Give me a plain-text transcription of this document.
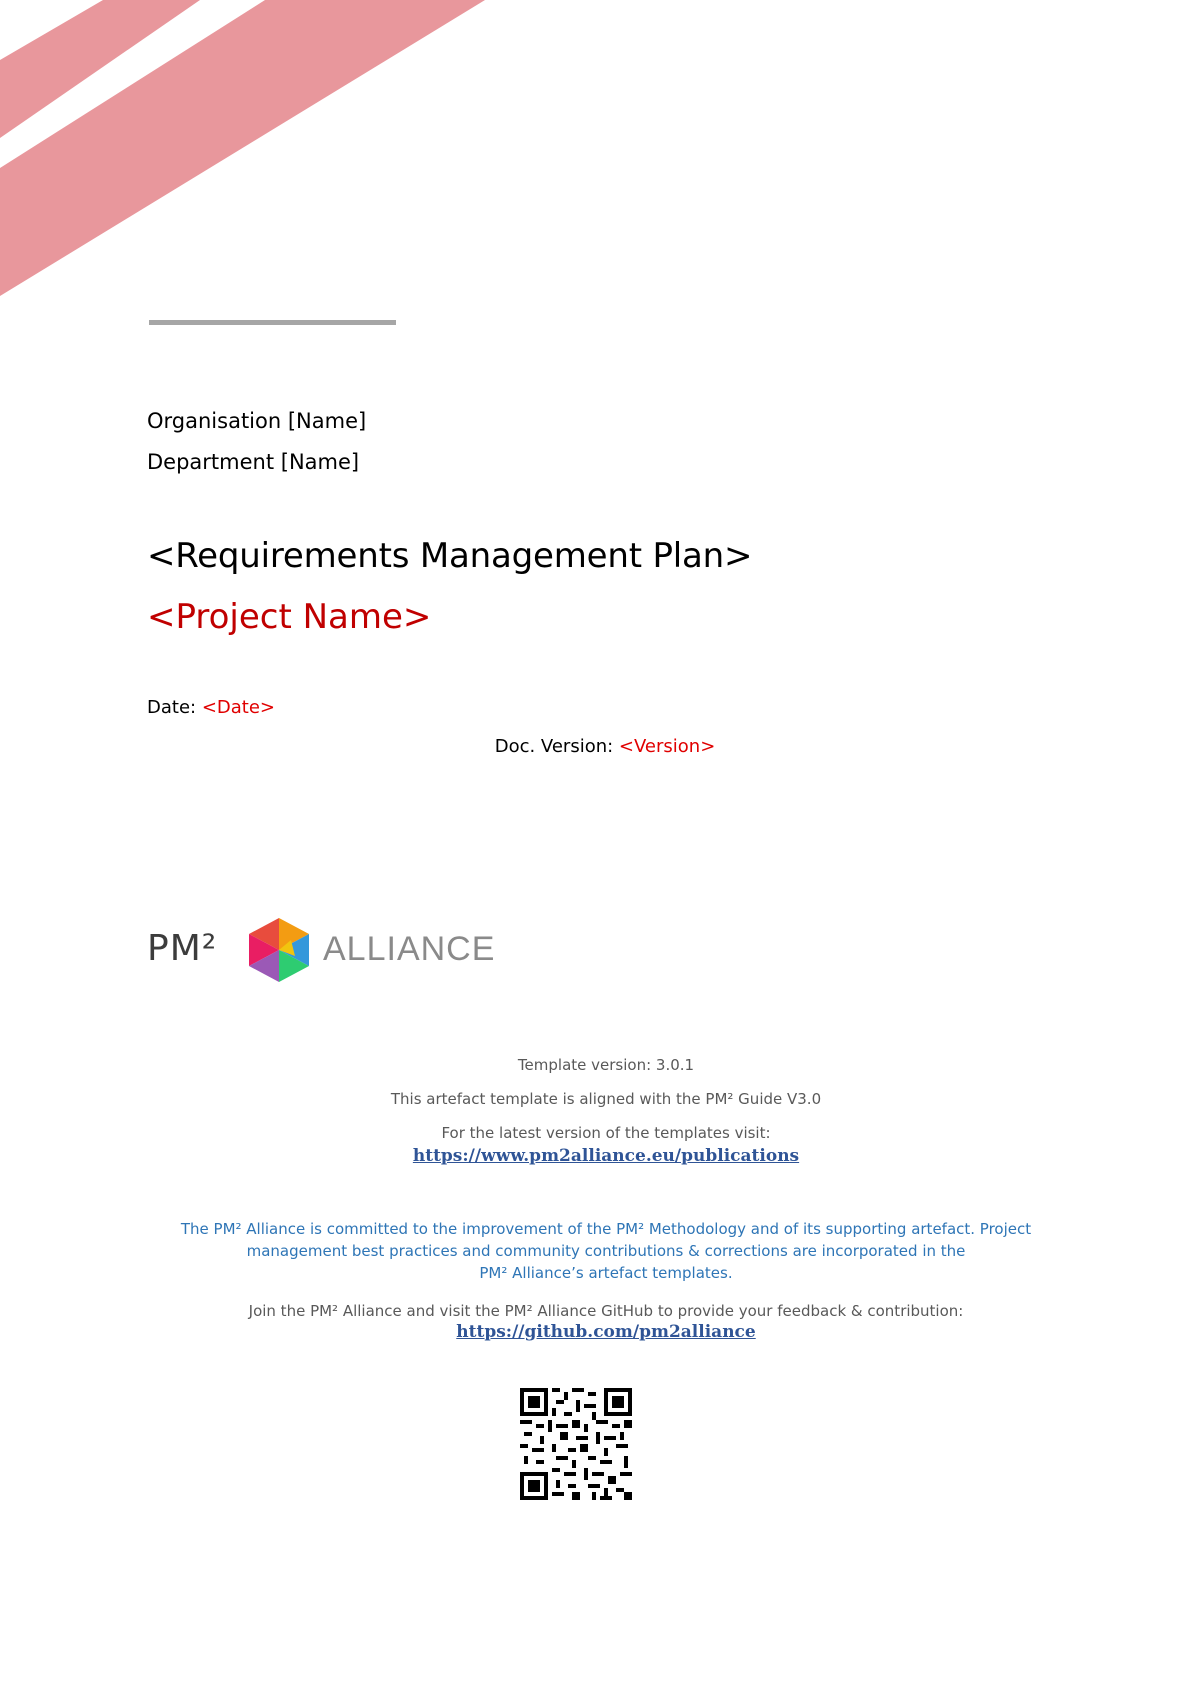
Organisation [Name]
Department [Name]
<Requirements Management Plan>
<Project Name>
Date: <Date>
Doc. Version: <Version>
PM²	ALLIANCE
Template version: 3.0.1
This artefact template is aligned with the PM² Guide V3.0
For the latest version of the templates visit:
https://www.pm2alliance.eu/publications
The PM² Alliance is committed to the improvement of the PM² Methodology and of its supporting artefact. Project
management best practices and community contributions & corrections are incorporated in the
PM² Alliance’s artefact templates.
Join the PM² Alliance and visit the PM² Alliance GitHub to provide your feedback & contribution:
https://github.com/pm2alliance
